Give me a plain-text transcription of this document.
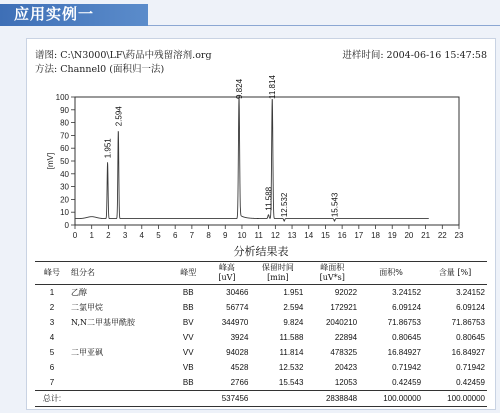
应用实例一
谱图: C:\N3000\LF\药品中残留溶剂.org	进样时间: 2004-06-16 15:47:58
方法: Channel0 (面积归一法)
0
10
20
30
40
50
60
70
80
90
100
0 1 2 3 4 5 6 7 8 9 10 11 12 13 14 15 16 17 18 19 20 21 22 23
[mV]
1.951
2.594
9.824
11.588
11.814
12.532	15.543
分析结果表
峰号	组分名	峰型	峰高
[uV]	保留时间
[min]	峰面积
[uV*s]	面积%	含量 [%]
1	乙醇	BB	30466	1.951	92022	3.24152	3.24152
2	二氯甲烷	BB	56774	2.594	172921	6.09124	6.09124
3	N,N二甲基甲酰胺	BV	344970	9.824	2040210	71.86753	71.86753
4		VV	3924	11.588	22894	0.80645	0.80645
5	二甲亚砜	VV	94028	11.814	478325	16.84927	16.84927
6		VB	4528	12.532	20423	0.71942	0.71942
7		BB	2766	15.543	12053	0.42459	0.42459
总计:			537456		2838848	100.00000	100.00000
